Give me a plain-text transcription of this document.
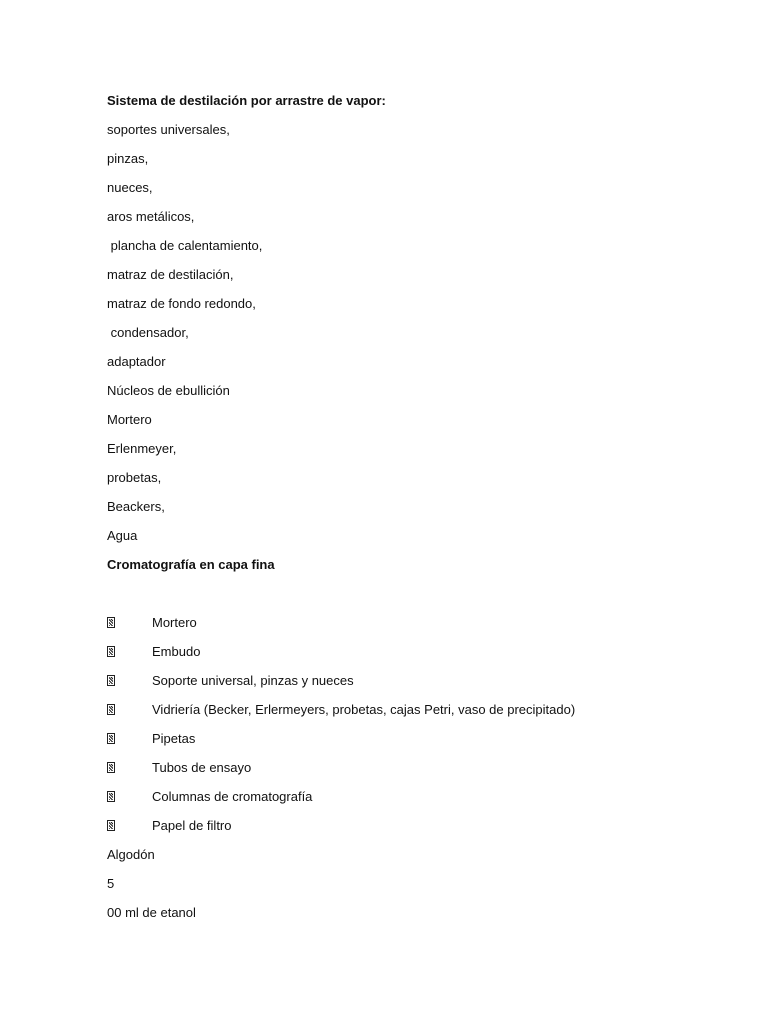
Sistema de destilación por arrastre de vapor:
soportes universales,
pinzas,
nueces,
aros metálicos,
plancha de calentamiento,
matraz de destilación,
matraz de fondo redondo,
condensador,
adaptador
Núcleos de ebullición
Mortero
Erlenmeyer,
probetas,
Beackers,
Agua
Cromatografía en capa fina
Mortero
Embudo
Soporte universal, pinzas y nueces
Vidriería (Becker, Erlermeyers, probetas, cajas Petri, vaso de precipitado)
Pipetas
Tubos de ensayo
Columnas de cromatografía
Papel de filtro
Algodón
5
00 ml de etanol
